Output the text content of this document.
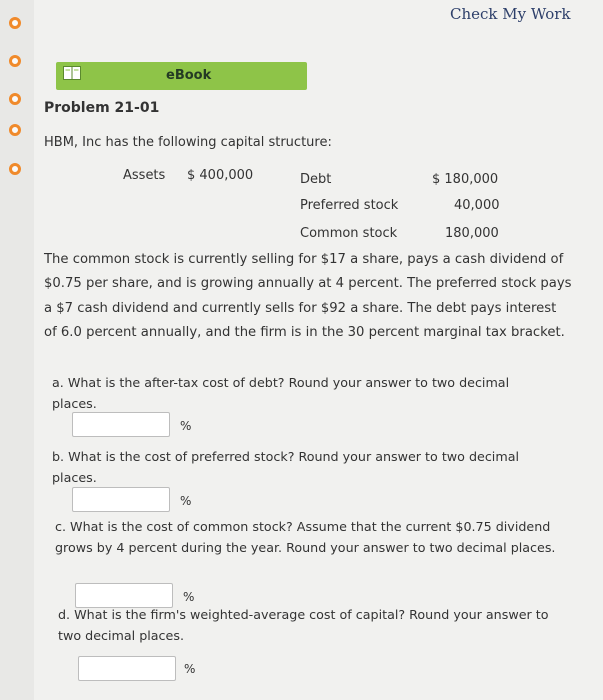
Check My Work
eBook
Problem 21-01
HBM, Inc has the following capital structure:
Assets $ 400,000	Debt	$ 180,000
Preferred stock	40,000
Common stock	180,000
The common stock is currently selling for $17 a share, pays a cash dividend of $0.75 per share, and is growing annually at 4 percent. The preferred stock pays a $7 cash dividend and currently sells for $92 a share. The debt pays interest of 6.0 percent annually, and the firm is in the 30 percent marginal tax bracket.
a. What is the after-tax cost of debt? Round your answer to two decimal places.
%
b. What is the cost of preferred stock? Round your answer to two decimal places.
%
c. What is the cost of common stock? Assume that the current $0.75 dividend grows by 4 percent during the year. Round your answer to two decimal places.
%
d. What is the firm's weighted-average cost of capital? Round your answer to two decimal places.
%
